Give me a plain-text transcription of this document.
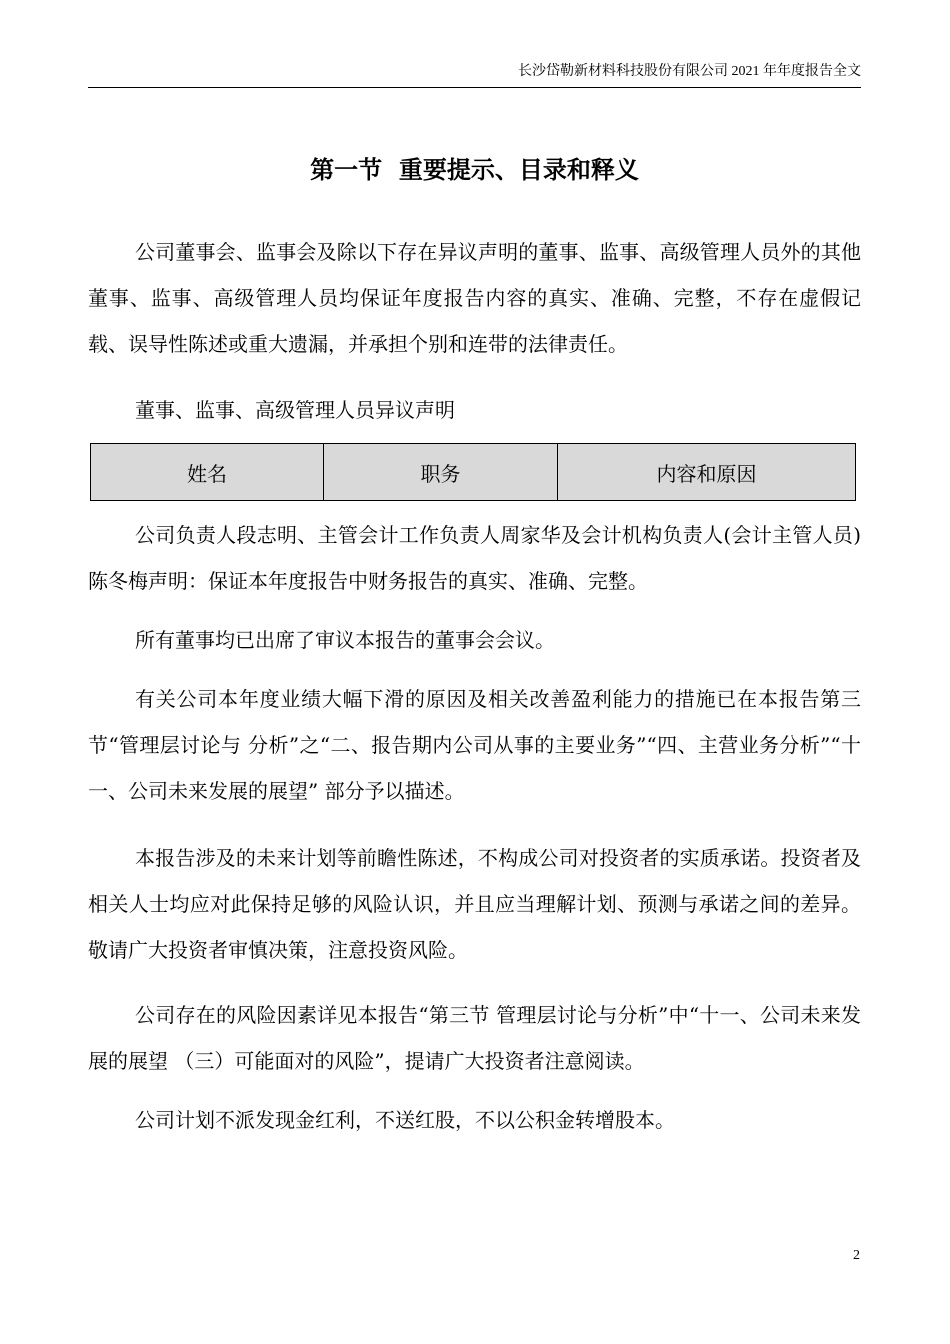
长沙岱勒新材料科技股份有限公司 2021 年年度报告全文
第一节  重要提示、目录和释义

公司董事会、监事会及除以下存在异议声明的董事、监事、高级管理人员外的其他董事、监事、高级管理人员均保证年度报告内容的真实、准确、完整，不存在虚假记载、误导性陈述或重大遗漏，并承担个别和连带的法律责任。

董事、监事、高级管理人员异议声明

姓名	职务	内容和原因

公司负责人段志明、主管会计工作负责人周家华及会计机构负责人(会计主管人员)陈冬梅声明：保证本年度报告中财务报告的真实、准确、完整。

所有董事均已出席了审议本报告的董事会会议。

有关公司本年度业绩大幅下滑的原因及相关改善盈利能力的措施已在本报告第三节“管理层讨论与 分析”之“二、报告期内公司从事的主要业务”“四、主营业务分析”“十一、公司未来发展的展望” 部分予以描述。

本报告涉及的未来计划等前瞻性陈述，不构成公司对投资者的实质承诺。投资者及相关人士均应对此保持足够的风险认识，并且应当理解计划、预测与承诺之间的差异。敬请广大投资者审慎决策，注意投资风险。

公司存在的风险因素详见本报告“第三节 管理层讨论与分析”中“十一、公司未来发展的展望 （三）可能面对的风险”，提请广大投资者注意阅读。

公司计划不派发现金红利，不送红股，不以公积金转增股本。

2
